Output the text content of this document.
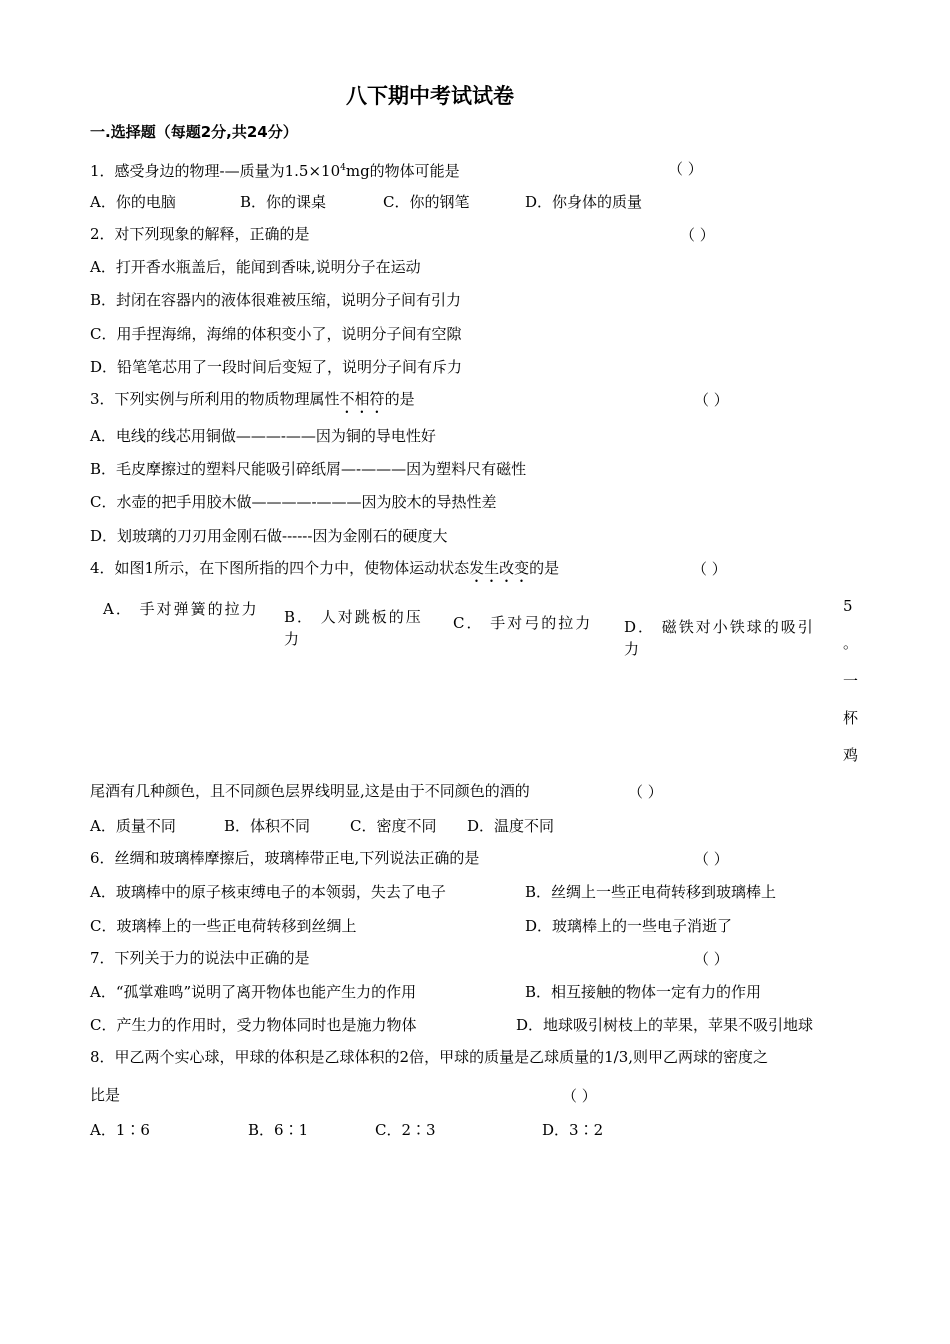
八下期中考试试卷
一.选择题（每题2分,共24分）
1．感受身边的物理-—质量为$1.5\times 10^4mg$的物体可能是	（ ）
A．你的电脑	B．你的课桌	C．你的钢笔	D．你身体的质量
2．对下列现象的解释，正确的是	（ ）
A．打开香水瓶盖后，能闻到香味,说明分子在运动
B．封闭在容器内的液体很难被压缩，说明分子间有引力
C．用手捏海绵，海绵的体积变小了，说明分子间有空隙
D．铅笔笔芯用了一段时间后变短了，说明分子间有斥力
3．下列实例与所利用的物质物理属性不相符的是	（ ）
A．电线的线芯用铜做———-——因为铜的导电性好
B．毛皮摩擦过的塑料尺能吸引碎纸屑—-———因为塑料尺有磁性
C．水壶的把手用胶木做————-———因为胶木的导热性差
D．划玻璃的刀刃用金刚石做------因为金刚石的硬度大
4．如图1所示，在下图所指的四个力中，使物体运动状态发生改变的是	（ ）
A． 手对弹簧的拉力 B． 人对跳板的压力
C． 手对弓的拉力	D． 磁铁对小铁球的吸引力
5
。
一
杯
鸡
尾酒有几种颜色，且不同颜色层界线明显,这是由于不同颜色的酒的	（ ）
A．质量不同	B．体积不同	C．密度不同 D．温度不同
6．丝绸和玻璃棒摩擦后，玻璃棒带正电,下列说法正确的是	（ ）
A．玻璃棒中的原子核束缚电子的本领弱，失去了电子	B．丝绸上一些正电荷转移到玻璃棒上
C．玻璃棒上的一些正电荷转移到丝绸上	D．玻璃棒上的一些电子消逝了
7．下列关于力的说法中正确的是	（ ）
A．“孤掌难鸣”说明了离开物体也能产生力的作用	B．相互接触的物体一定有力的作用
C．产生力的作用时，受力物体同时也是施力物体	D．地球吸引树枝上的苹果，苹果不吸引地球
8．甲乙两个实心球，甲球的体积是乙球体积的2倍，甲球的质量是乙球质量的1/3,则甲乙两球的密度之
比是	（ ）
A．1∶6	B．6∶1	C．2∶3	D．3∶2
